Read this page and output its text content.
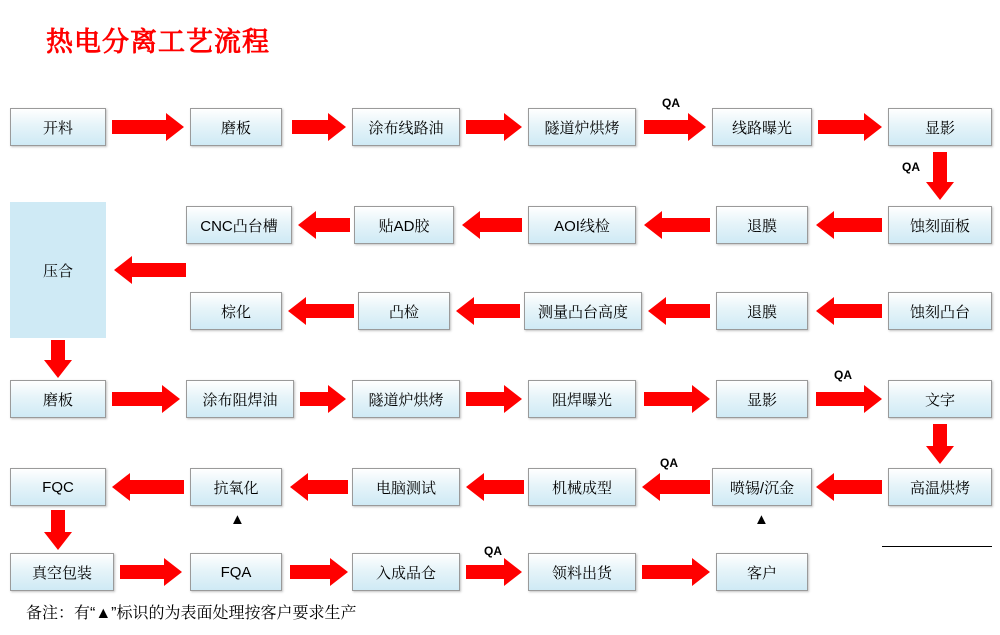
热电分离工艺流程
开料	磨板	涂布线路油	隧道炉烘烤	线路曝光	显影
蚀刻面板
退膜
AOI线检
贴AD胶
CNC凸台槽
压合
蚀刻凸台
退膜
测量凸台高度
凸检
棕化
磨板	涂布阻焊油	隧道炉烘烤	阻焊曝光	显影	文字
高温烘烤
喷锡/沉金
机械成型
电脑测试
抗氧化
FQC
真空包装	FQA	入成品仓	领料出货	客户
QA
QA
QA
QA
QA
▲	▲
备注：有“▲”标识的为表面处理按客户要求生产
